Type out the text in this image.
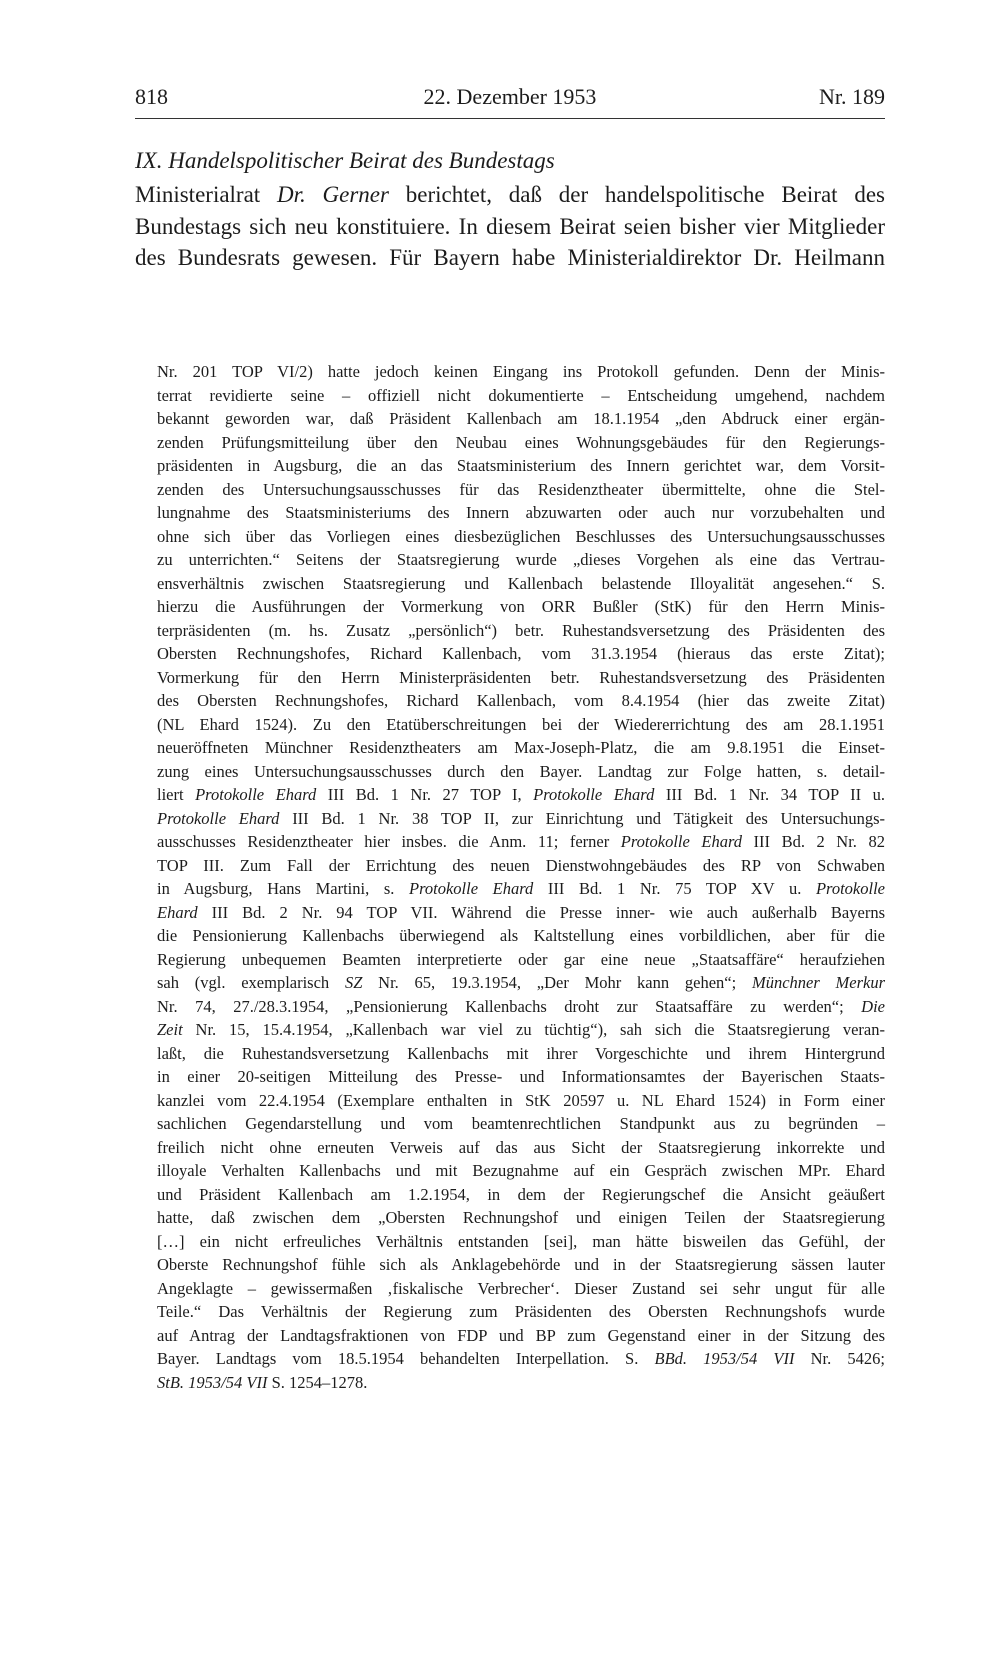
818	22. Dezember 1953	Nr. 189
IX. Handelspolitischer Beirat des Bundestags
Ministerialrat Dr. Gerner berichtet, daß der handelspolitische Beirat des
Bundestags sich neu konstituiere. In diesem Beirat seien bisher vier Mitglieder
des Bundesrats gewesen. Für Bayern habe Ministerialdirektor Dr. Heilmann
Nr. 201 TOP VI/2) hatte jedoch keinen Eingang ins Protokoll gefunden. Denn der Minis-
terrat revidierte seine – offiziell nicht dokumentierte – Entscheidung umgehend, nachdem
bekannt geworden war, daß Präsident Kallenbach am 18.1.1954 „den Abdruck einer ergän-
zenden Prüfungsmitteilung über den Neubau eines Wohnungsgebäudes für den Regierungs-
präsidenten in Augsburg, die an das Staatsministerium des Innern gerichtet war, dem Vorsit-
zenden des Untersuchungsausschusses für das Residenztheater übermittelte, ohne die Stel-
lungnahme des Staatsministeriums des Innern abzuwarten oder auch nur vorzubehalten und
ohne sich über das Vorliegen eines diesbezüglichen Beschlusses des Untersuchungsausschusses
zu unterrichten.“ Seitens der Staatsregierung wurde „dieses Vorgehen als eine das Vertrau-
ensverhältnis zwischen Staatsregierung und Kallenbach belastende Illoyalität angesehen.“ S.
hierzu die Ausführungen der Vormerkung von ORR Bußler (StK) für den Herrn Minis-
terpräsidenten (m. hs. Zusatz „persönlich“) betr. Ruhestandsversetzung des Präsidenten des
Obersten Rechnungshofes, Richard Kallenbach, vom 31.3.1954 (hieraus das erste Zitat);
Vormerkung für den Herrn Ministerpräsidenten betr. Ruhestandsversetzung des Präsidenten
des Obersten Rechnungshofes, Richard Kallenbach, vom 8.4.1954 (hier das zweite Zitat)
(NL Ehard 1524). Zu den Etatüberschreitungen bei der Wiedererrichtung des am 28.1.1951
neueröffneten Münchner Residenztheaters am Max-Joseph-Platz, die am 9.8.1951 die Einset-
zung eines Untersuchungsausschusses durch den Bayer. Landtag zur Folge hatten, s. detail-
liert Protokolle Ehard III Bd. 1 Nr. 27 TOP I, Protokolle Ehard III Bd. 1 Nr. 34 TOP II u.
Protokolle Ehard III Bd. 1 Nr. 38 TOP II, zur Einrichtung und Tätigkeit des Untersuchungs-
ausschusses Residenztheater hier insbes. die Anm. 11; ferner Protokolle Ehard III Bd. 2 Nr. 82
TOP III. Zum Fall der Errichtung des neuen Dienstwohngebäudes des RP von Schwaben
in Augsburg, Hans Martini, s. Protokolle Ehard III Bd. 1 Nr. 75 TOP XV u. Protokolle
Ehard III Bd. 2 Nr. 94 TOP VII. Während die Presse inner- wie auch außerhalb Bayerns
die Pensionierung Kallenbachs überwiegend als Kaltstellung eines vorbildlichen, aber für die
Regierung unbequemen Beamten interpretierte oder gar eine neue „Staatsaffäre“ heraufziehen
sah (vgl. exemplarisch SZ Nr. 65, 19.3.1954, „Der Mohr kann gehen“; Münchner Merkur
Nr. 74, 27./28.3.1954, „Pensionierung Kallenbachs droht zur Staatsaffäre zu werden“; Die
Zeit Nr. 15, 15.4.1954, „Kallenbach war viel zu tüchtig“), sah sich die Staatsregierung veran-
laßt, die Ruhestandsversetzung Kallenbachs mit ihrer Vorgeschichte und ihrem Hintergrund
in einer 20-seitigen Mitteilung des Presse- und Informationsamtes der Bayerischen Staats-
kanzlei vom 22.4.1954 (Exemplare enthalten in StK 20597 u. NL Ehard 1524) in Form einer
sachlichen Gegendarstellung und vom beamtenrechtlichen Standpunkt aus zu begründen –
freilich nicht ohne erneuten Verweis auf das aus Sicht der Staatsregierung inkorrekte und
illoyale Verhalten Kallenbachs und mit Bezugnahme auf ein Gespräch zwischen MPr. Ehard
und Präsident Kallenbach am 1.2.1954, in dem der Regierungschef die Ansicht geäußert
hatte, daß zwischen dem „Obersten Rechnungshof und einigen Teilen der Staatsregierung
[…] ein nicht erfreuliches Verhältnis entstanden [sei], man hätte bisweilen das Gefühl, der
Oberste Rechnungshof fühle sich als Anklagebehörde und in der Staatsregierung sässen lauter
Angeklagte – gewissermaßen ‚fiskalische Verbrecher‘. Dieser Zustand sei sehr ungut für alle
Teile.“ Das Verhältnis der Regierung zum Präsidenten des Obersten Rechnungshofs wurde
auf Antrag der Landtagsfraktionen von FDP und BP zum Gegenstand einer in der Sitzung des
Bayer. Landtags vom 18.5.1954 behandelten Interpellation. S. BBd. 1953/54 VII Nr. 5426;
StB. 1953/54 VII S. 1254–1278.
